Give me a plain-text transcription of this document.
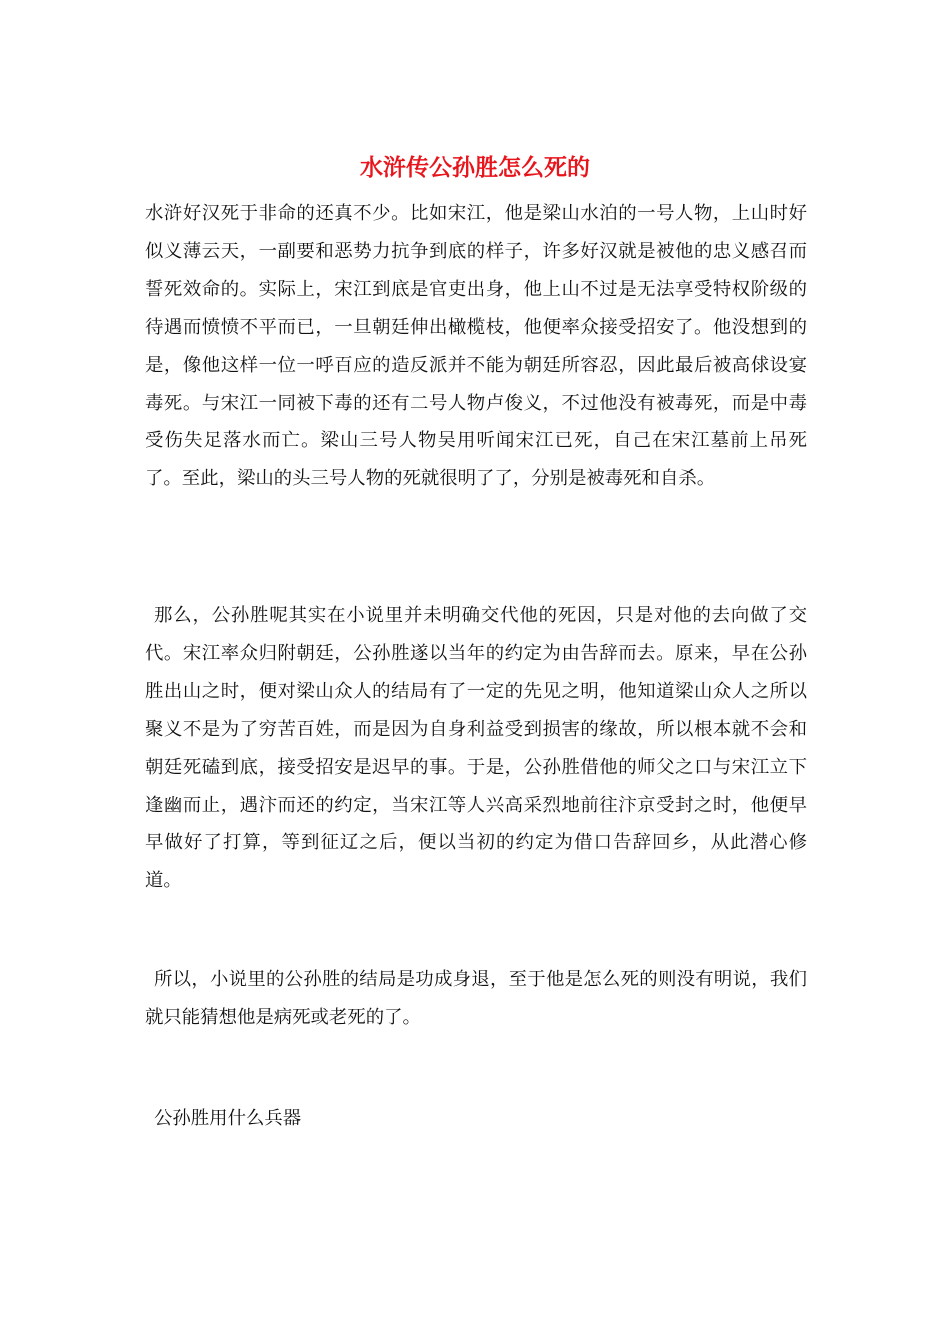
水浒传公孙胜怎么死的

水浒好汉死于非命的还真不少。比如宋江，他是梁山水泊的一号人物，上山时好似义薄云天，一副要和恶势力抗争到底的样子，许多好汉就是被他的忠义感召而誓死效命的。实际上，宋江到底是官吏出身，他上山不过是无法享受特权阶级的待遇而愤愤不平而已，一旦朝廷伸出橄榄枝，他便率众接受招安了。他没想到的是，像他这样一位一呼百应的造反派并不能为朝廷所容忍，因此最后被高俅设宴毒死。与宋江一同被下毒的还有二号人物卢俊义，不过他没有被毒死，而是中毒受伤失足落水而亡。梁山三号人物吴用听闻宋江已死，自己在宋江墓前上吊死了。至此，梁山的头三号人物的死就很明了了，分别是被毒死和自杀。

那么，公孙胜呢其实在小说里并未明确交代他的死因，只是对他的去向做了交代。宋江率众归附朝廷，公孙胜遂以当年的约定为由告辞而去。原来，早在公孙胜出山之时，便对梁山众人的结局有了一定的先见之明，他知道梁山众人之所以聚义不是为了穷苦百姓，而是因为自身利益受到损害的缘故，所以根本就不会和朝廷死磕到底，接受招安是迟早的事。于是，公孙胜借他的师父之口与宋江立下逢幽而止，遇汴而还的约定，当宋江等人兴高采烈地前往汴京受封之时，他便早早做好了打算，等到征辽之后，便以当初的约定为借口告辞回乡，从此潜心修道。

所以，小说里的公孙胜的结局是功成身退，至于他是怎么死的则没有明说，我们就只能猜想他是病死或老死的了。

公孙胜用什么兵器
